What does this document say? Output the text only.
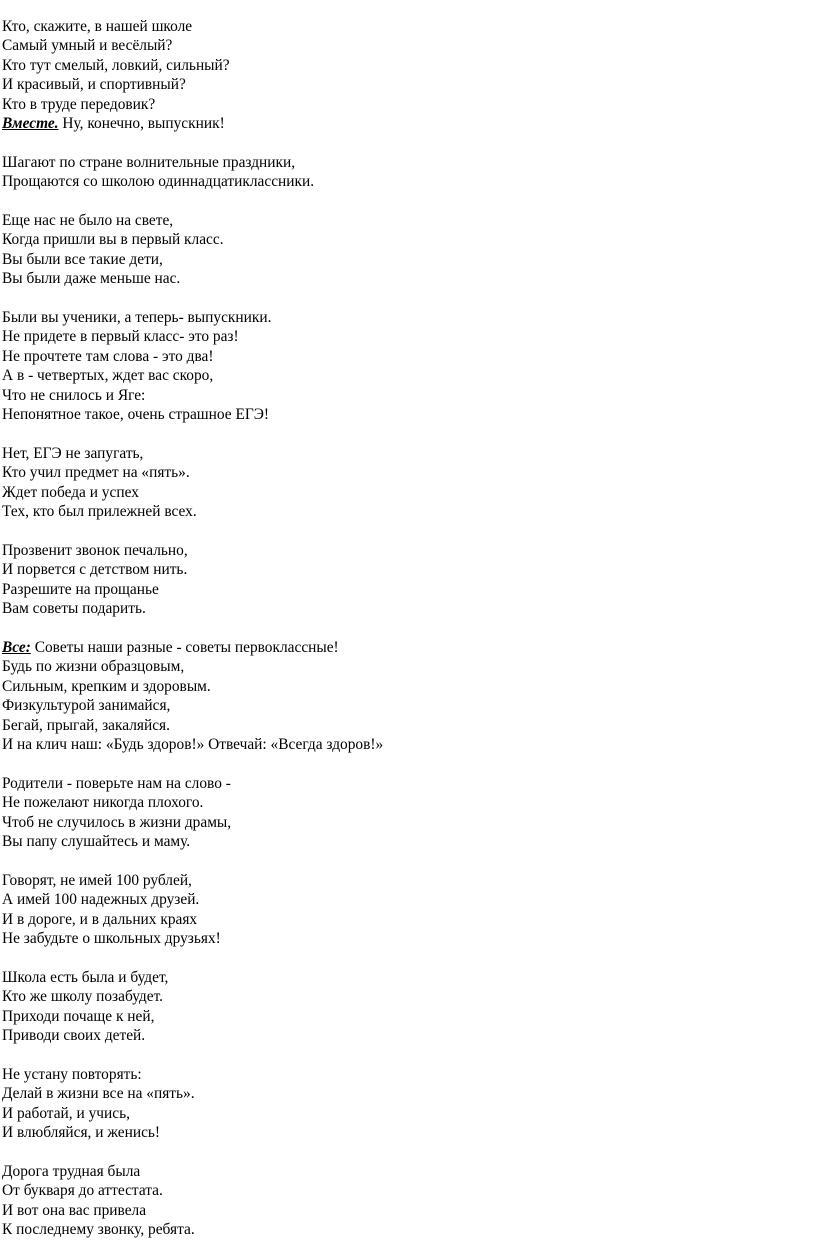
Кто, скажите, в нашей школе
Самый умный и весёлый?
Кто тут смелый, ловкий, сильный?
И красивый, и спортивный?
Кто в труде передовик?
Вместе. Ну, конечно, выпускник!
Шагают по стране волнительные праздники,
Прощаются со школою одиннадцатиклассники.
Еще нас не было на свете,
Когда пришли вы в первый класс.
Вы были все такие дети,
Вы были даже меньше нас.
Были вы ученики, а теперь- выпускники.
Не придете в первый класс- это раз!
Не прочтете там слова - это два!
А в - четвертых, ждет вас скоро,
Что не снилось и Яге:
Непонятное такое, очень страшное ЕГЭ!
Нет, ЕГЭ не запугать,
Кто учил предмет на «пять».
Ждет победа и успех
Тех, кто был прилежней всех.
Прозвенит звонок печально,
И порвется с детством нить.
Разрешите на прощанье
Вам советы подарить.
Все: Советы наши разные - советы первоклассные!
Будь по жизни образцовым,
Сильным, крепким и здоровым.
Физкультурой занимайся,
Бегай, прыгай, закаляйся.
И на клич наш: «Будь здоров!» Отвечай: «Всегда здоров!»
Родители - поверьте нам на слово -
Не пожелают никогда плохого.
Чтоб не случилось в жизни драмы,
Вы папу слушайтесь и маму.
Говорят, не имей 100 рублей,
А имей 100 надежных друзей.
И в дороге, и в дальних краях
Не забудьте о школьных друзьях!
Школа есть была и будет,
Кто же школу позабудет.
Приходи почаще к ней,
Приводи своих детей.
Не устану повторять:
Делай в жизни все на «пять».
И работай, и учись,
И влюбляйся, и женись!
Дорога трудная была
От букваря до аттестата.
И вот она вас привела
К последнему звонку, ребята.
